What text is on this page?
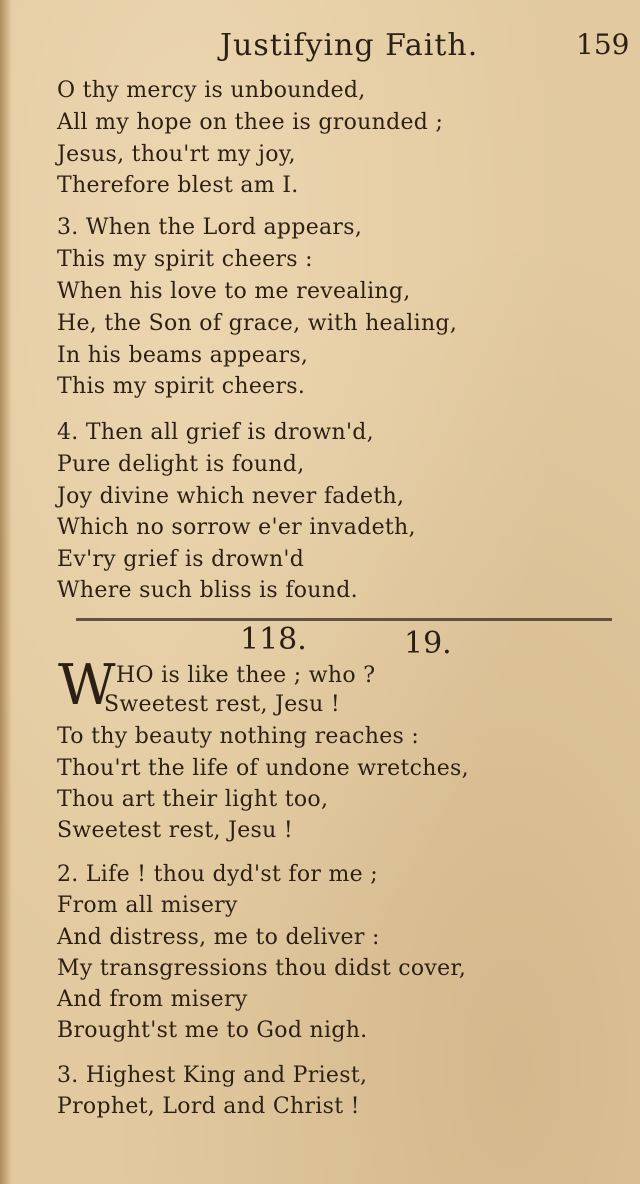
Justifying Faith.	159
O thy mercy is unbounded,
All my hope on thee is grounded ;
Jesus, thou'rt my joy,
Therefore blest am I.
3. When the Lord appears,
This my spirit cheers :
When his love to me revealing,
He, the Son of grace, with healing,
In his beams appears,
This my spirit cheers.
4. Then all grief is drown'd,
Pure delight is found,
Joy divine which never fadeth,
Which no sorrow e'er invadeth,
Ev'ry grief is drown'd
Where such bliss is found.
118.	19.
W HO is like thee ; who ?
Sweetest rest, Jesu !
To thy beauty nothing reaches :
Thou'rt the life of undone wretches,
Thou art their light too,
Sweetest rest, Jesu !
2. Life ! thou dyd'st for me ;
From all misery
And distress, me to deliver :
My transgressions thou didst cover,
And from misery
Brought'st me to God nigh.
3. Highest King and Priest,
Prophet, Lord and Christ !
